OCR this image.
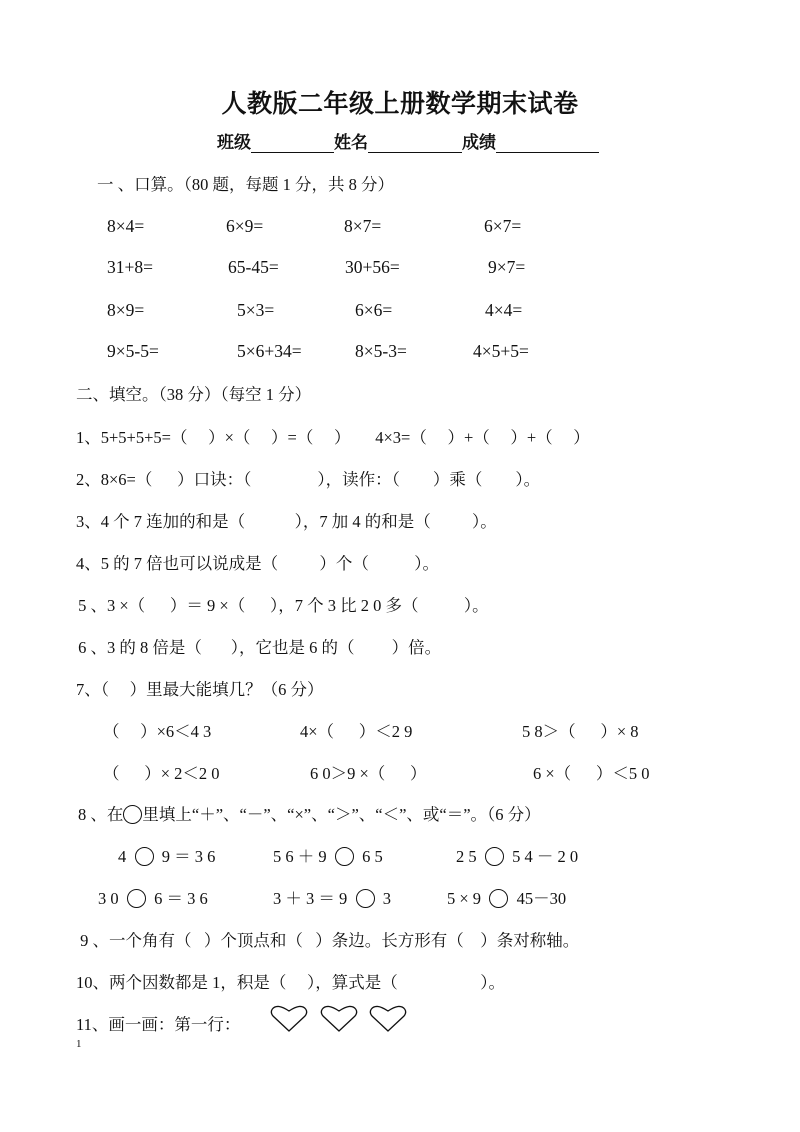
人教版二年级上册数学期末试卷
班级	姓名	成绩
一 、口算。（80 题，每题 1 分，共 8 分）
8×4=	6×9=	8×7=	6×7=
31+8=	65-45=	30+56=	9×7=
8×9=	5×3=	6×6=	4×4=
9×5-5=	5×6+34=	8×5-3=	4×5+5=
二、填空。（38 分）（每空 1 分）
1、5+5+5+5=（     ）×（     ）=（     ）      4×3=（     ）+（     ）+（     ）
2、8×6=（      ）口诀：（                ），读作：（        ）乘（        ）。
3、4 个 7 连加的和是（            ），7 加 4 的和是（          ）。
4、5 的 7 倍也可以说成是（          ）个（           ）。
5 、3 ×（      ）＝ 9 ×（      ），7 个 3 比 2 0 多（           ）。
6 、3 的 8 倍是（       ），它也是 6 的（         ）倍。
7、（     ）里最大能填几？（6 分）
（     ）×6＜4 3	4×（      ）＜2 9	5 8＞（      ）× 8
（      ）× 2＜2 0	6 0＞9 ×（      ）	6 ×（      ）＜5 0
8 、在 里填上“＋”、“－”、“×”、“＞”、“＜”、或“＝”。（6 分）
4 9 ＝ 3 6	5 6 ＋ 9 6 5	2 5 5 4 － 2 0
3 0 6 ＝ 3 6	3 ＋ 3 ＝ 9 3	5 × 9 45－30
9 、一个角有（   ）个顶点和（   ）条边。长方形有（    ）条对称轴。
10、两个因数都是 1，积是（     ），算式是（                    ）。
11、画一画：第一行：
1
